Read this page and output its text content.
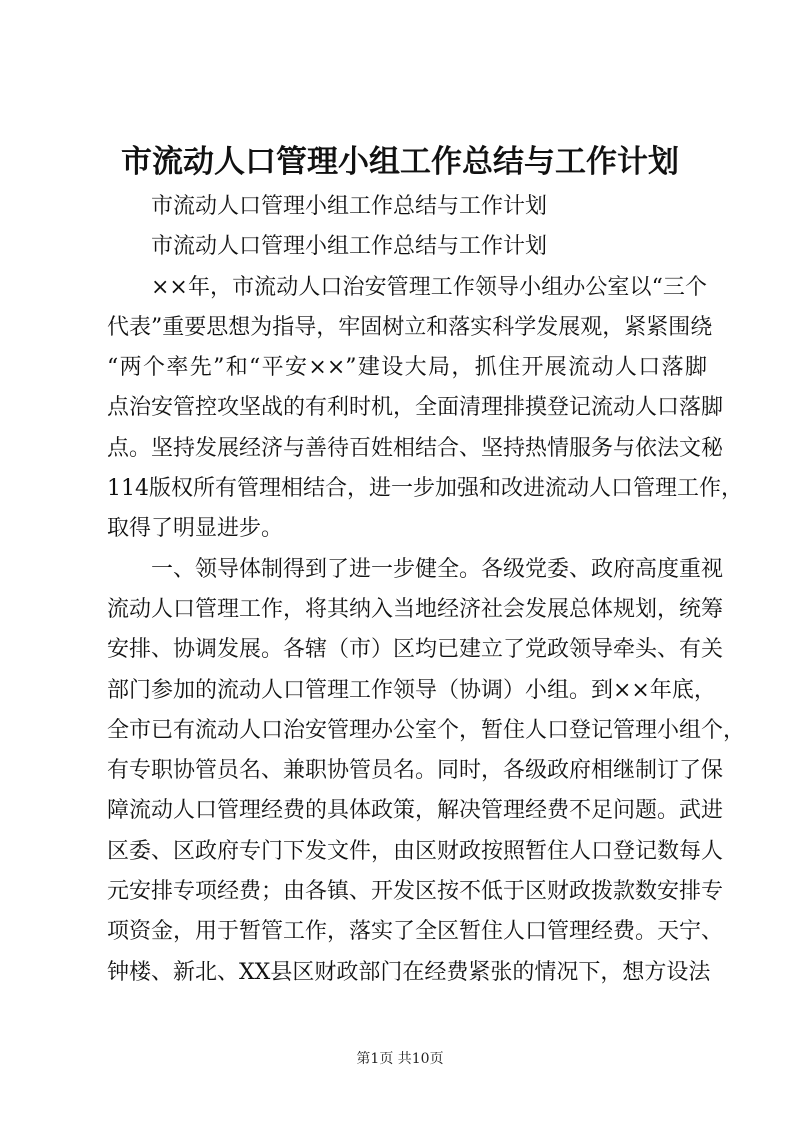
市流动人口管理小组工作总结与工作计划
市流动人口管理小组工作总结与工作计划
市流动人口管理小组工作总结与工作计划
××年，市流动人口治安管理工作领导小组办公室以“三个
代表”重要思想为指导，牢固树立和落实科学发展观，紧紧围绕
“两个率先”和“平安××”建设大局，抓住开展流动人口落脚
点治安管控攻坚战的有利时机，全面清理排摸登记流动人口落脚
点。坚持发展经济与善待百姓相结合、坚持热情服务与依法文秘
114版权所有管理相结合，进一步加强和改进流动人口管理工作，
取得了明显进步。
一、领导体制得到了进一步健全。各级党委、政府高度重视
流动人口管理工作，将其纳入当地经济社会发展总体规划，统筹
安排、协调发展。各辖（市）区均已建立了党政领导牵头、有关
部门参加的流动人口管理工作领导（协调）小组。到××年底，
全市已有流动人口治安管理办公室个，暂住人口登记管理小组个，
有专职协管员名、兼职协管员名。同时，各级政府相继制订了保
障流动人口管理经费的具体政策，解决管理经费不足问题。武进
区委、区政府专门下发文件，由区财政按照暂住人口登记数每人
元安排专项经费；由各镇、开发区按不低于区财政拨款数安排专
项资金，用于暂管工作，落实了全区暂住人口管理经费。天宁、
钟楼、新北、XX县区财政部门在经费紧张的情况下，想方设法
第1页 共10页
